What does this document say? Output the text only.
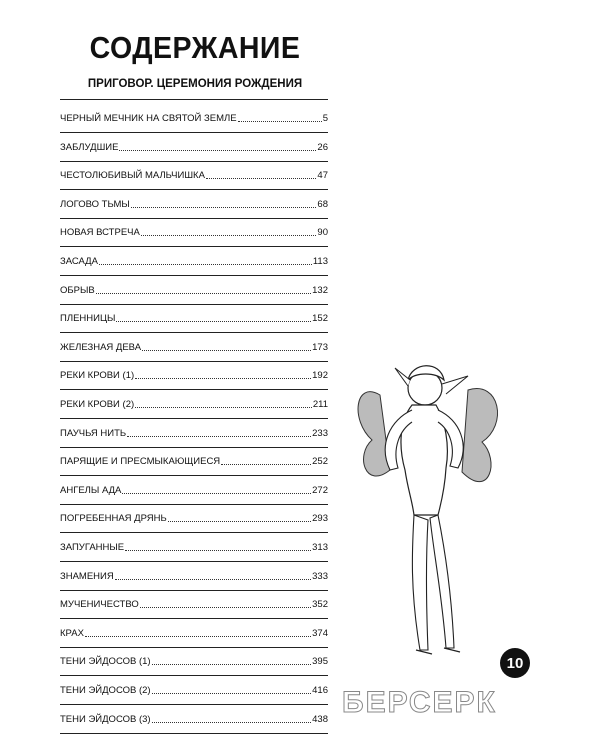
СОДЕРЖАНИЕ
ПРИГОВОР. ЦЕРЕМОНИЯ РОЖДЕНИЯ
ЧЕРНЫЙ МЕЧНИК НА СВЯТОЙ ЗЕМЛЕ	5
ЗАБЛУДШИЕ	26
ЧЕСТОЛЮБИВЫЙ МАЛЬЧИШКА	47
ЛОГОВО ТЬМЫ	68
НОВАЯ ВСТРЕЧА	90
ЗАСАДА	113
ОБРЫВ	132
ПЛЕННИЦЫ	152
ЖЕЛЕЗНАЯ ДЕВА	173
РЕКИ КРОВИ (1)	192
РЕКИ КРОВИ (2)	211
ПАУЧЬЯ НИТЬ	233
ПАРЯЩИЕ И ПРЕСМЫКАЮЩИЕСЯ	252
АНГЕЛЫ АДА	272
ПОГРЕБЕННАЯ ДРЯНЬ	293
ЗАПУГАННЫЕ	313
ЗНАМЕНИЯ	333
МУЧЕНИЧЕСТВО	352
КРАХ	374
ТЕНИ ЭЙДОСОВ (1)	395
ТЕНИ ЭЙДОСОВ (2)	416
ТЕНИ ЭЙДОСОВ (3)	438
10
БЕРСЕРК
